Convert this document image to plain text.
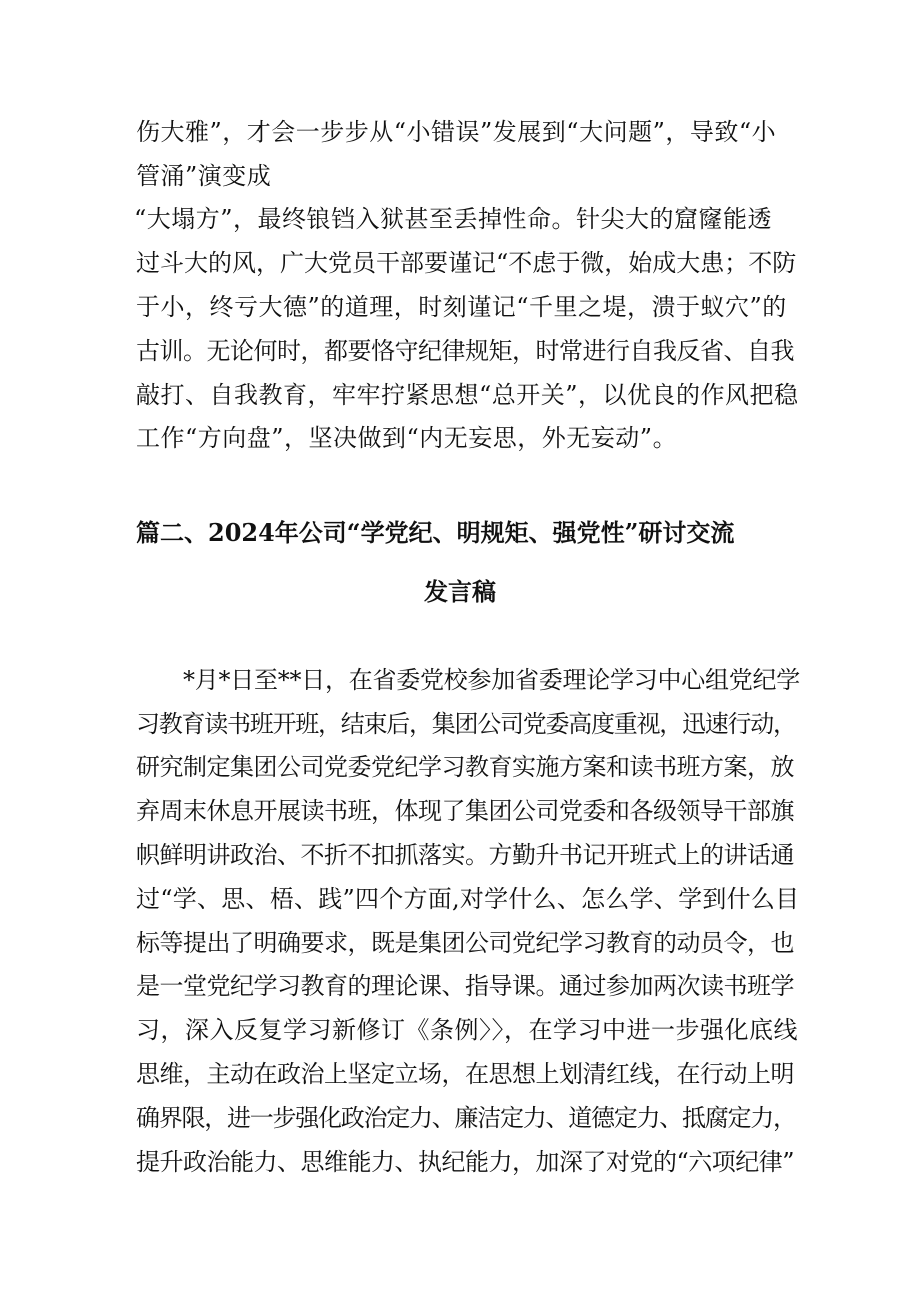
伤大雅”，才会一步步从“小错误”发展到“大问题”，导致“小
管涌”演变成
“大塌方”，最终锒铛入狱甚至丢掉性命。针尖大的窟窿能透
过斗大的风，广大党员干部要谨记“不虑于微，始成大患；不防
于小，终亏大德”的道理，时刻谨记“千里之堤，溃于蚁穴”的
古训。无论何时，都要恪守纪律规矩，时常进行自我反省、自我
敲打、自我教育，牢牢拧紧思想“总开关”，以优良的作风把稳
工作“方向盘”，坚决做到“内无妄思，外无妄动”。
篇二、2024年公司“学党纪、明规矩、强党性”研讨交流
发言稿
*月*日至**日，在省委党校参加省委理论学习中心组党纪学
习教育读书班开班，结束后，集团公司党委高度重视，迅速行动，
研究制定集团公司党委党纪学习教育实施方案和读书班方案，放
弃周末休息开展读书班，体现了集团公司党委和各级领导干部旗
帜鲜明讲政治、不折不扣抓落实。方勤升书记开班式上的讲话通
过“学、思、梧、践”四个方面,对学什么、怎么学、学到什么目
标等提出了明确要求，既是集团公司党纪学习教育的动员令，也
是一堂党纪学习教育的理论课、指导课。通过参加两次读书班学
习，深入反复学习新修订《条例〉〉，在学习中进一步强化底线
思维，主动在政治上坚定立场，在思想上划清红线，在行动上明
确界限，进一步强化政治定力、廉洁定力、道德定力、抵腐定力，
提升政治能力、思维能力、执纪能力，加深了对党的“六项纪律”
